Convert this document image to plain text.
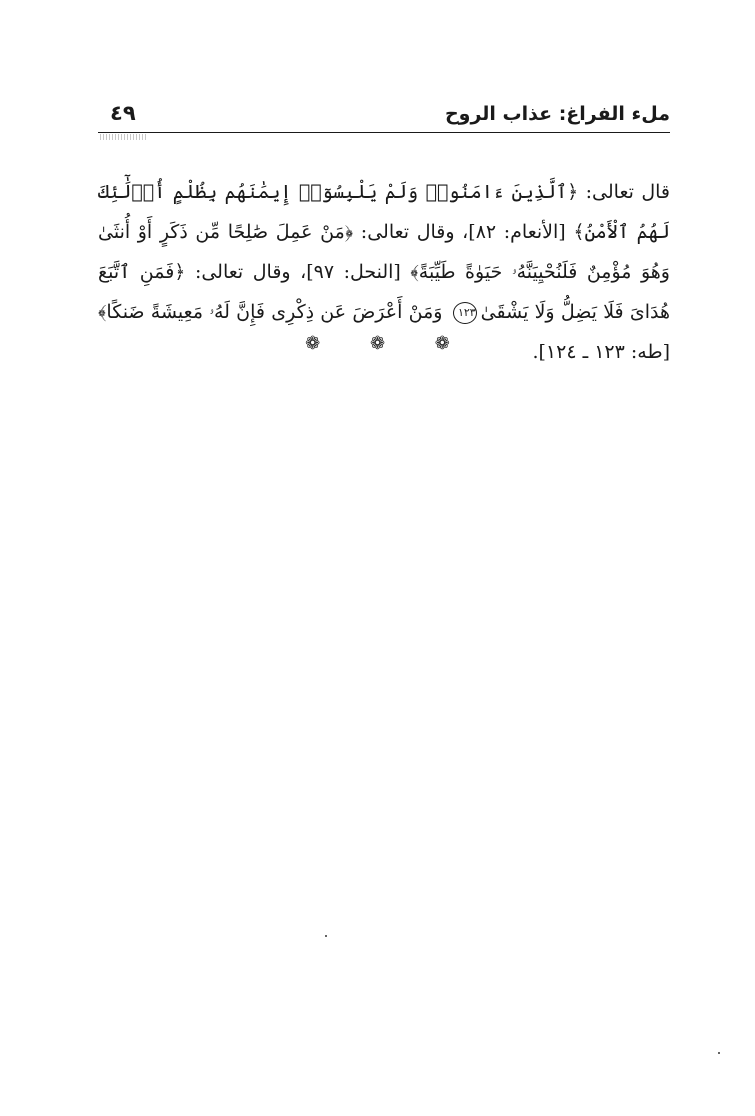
ملء الفراغ: عذاب الروح
٤٩
قال تعالى: ﴿ٱلَّذِينَ ءَامَنُوا۟ وَلَمْ يَلْبِسُوٓا۟ إِيمَٰنَهُم بِظُلْمٍ أُو۟لَٰٓئِكَ لَهُمُ ٱلْأَمْنُ﴾ [الأنعام: ٨٢]، وقال تعالى: ﴿مَنْ عَمِلَ صَٰلِحًا مِّن ذَكَرٍ أَوْ أُنثَىٰ وَهُوَ مُؤْمِنٌ فَلَنُحْيِيَنَّهُۥ حَيَوٰةً طَيِّبَةً﴾ [النحل: ٩٧]، وقال تعالى: ﴿فَمَنِ ٱتَّبَعَ هُدَاىَ فَلَا يَضِلُّ وَلَا يَشْقَىٰ١٢٣ وَمَنْ أَعْرَضَ عَن ذِكْرِى فَإِنَّ لَهُۥ مَعِيشَةً ضَنكًا﴾ [طه: ١٢٣ ـ ١٢٤].
❁ ❁ ❁
